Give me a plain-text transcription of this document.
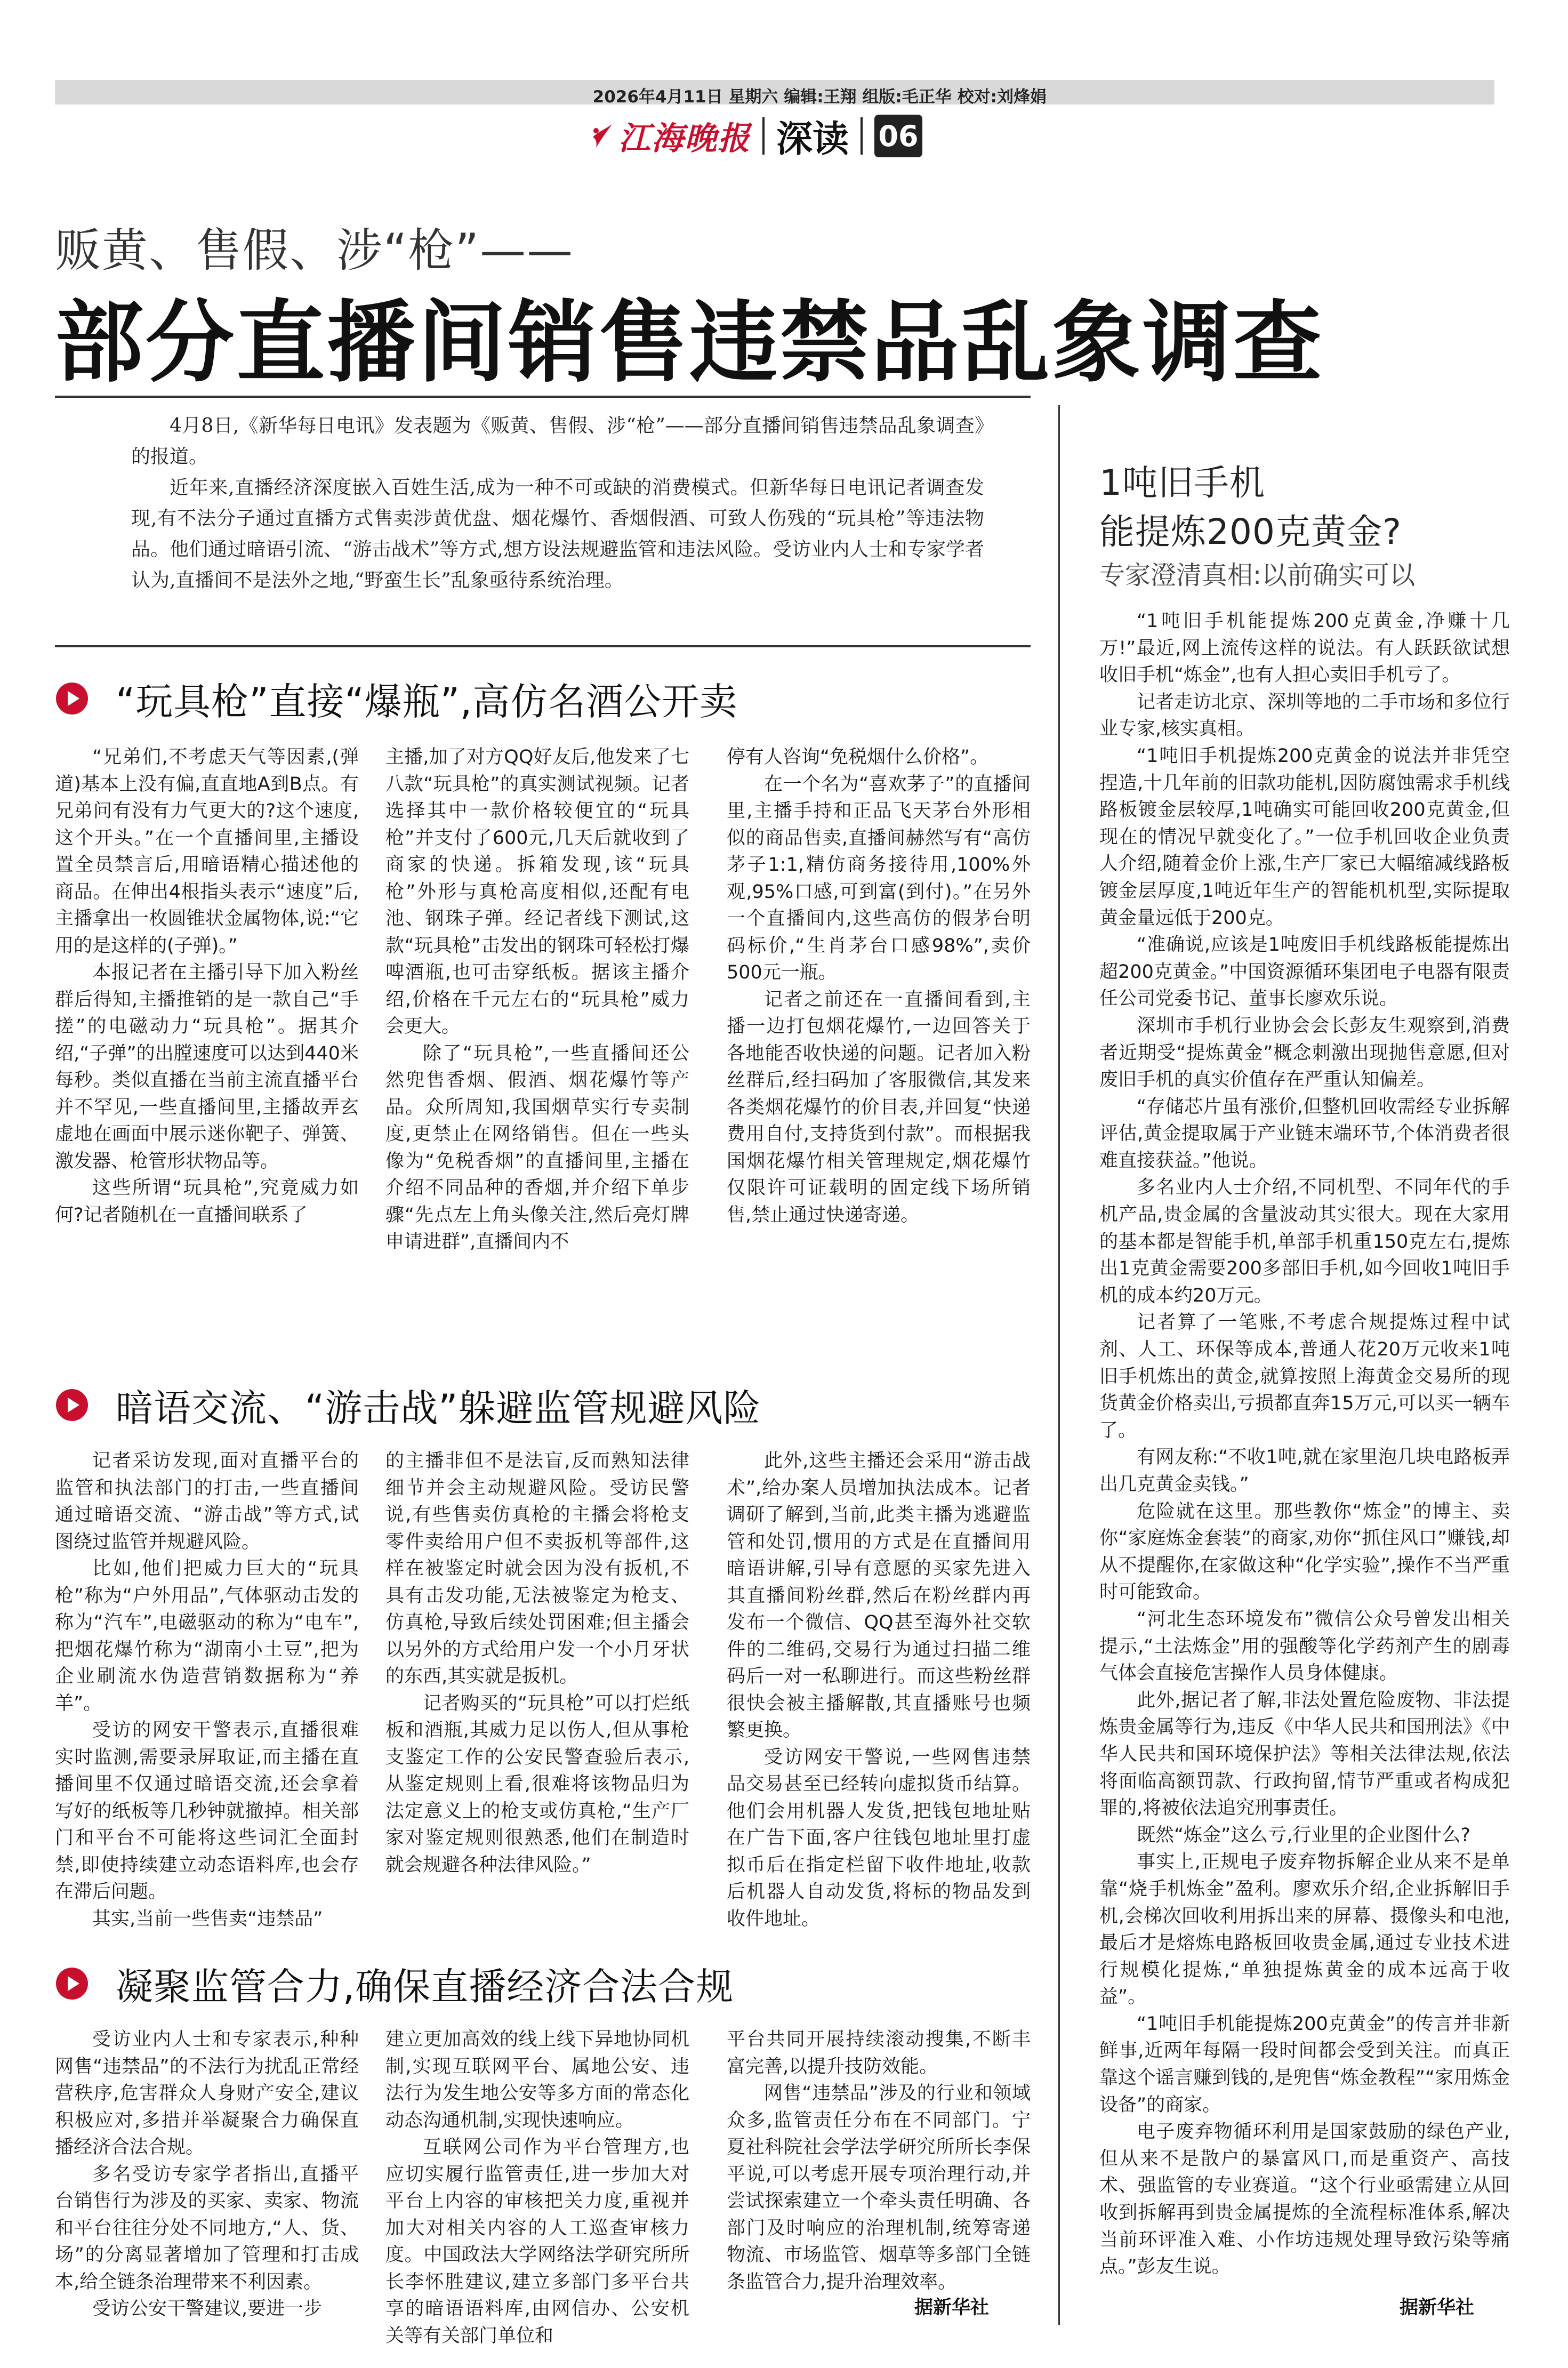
2026年4月11日 星期六 编辑:王翔 组版:毛正华 校对:刘烽娟
江海晚报 深读 06
贩黄、售假、涉“枪”——
部分直播间销售违禁品乱象调查

4月8日,《新华每日电讯》发表题为《贩黄、售假、涉“枪”——部分直播间销售违禁品乱象调查》的报道。

近年来,直播经济深度嵌入百姓生活,成为一种不可或缺的消费模式。但新华每日电讯记者调查发现,有不法分子通过直播方式售卖涉黄优盘、烟花爆竹、香烟假酒、可致人伤残的“玩具枪”等违法物品。他们通过暗语引流、“游击战术”等方式,想方设法规避监管和违法风险。受访业内人士和专家学者认为,直播间不是法外之地,“野蛮生长”乱象亟待系统治理。

“玩具枪”直接“爆瓶”,高仿名酒公开卖

“兄弟们,不考虑天气等因素,(弹道)基本上没有偏,直直地A到B点。有兄弟问有没有力气更大的?这个速度,这个开头。”在一个直播间里,主播设置全员禁言后,用暗语精心描述他的商品。在伸出4根指头表示“速度”后,主播拿出一枚圆锥状金属物体,说:“它用的是这样的(子弹)。”

本报记者在主播引导下加入粉丝群后得知,主播推销的是一款自己“手搓”的电磁动力“玩具枪”。据其介绍,“子弹”的出膛速度可以达到440米每秒。类似直播在当前主流直播平台并不罕见,一些直播间里,主播故弄玄虚地在画面中展示迷你靶子、弹簧、激发器、枪管形状物品等。

这些所谓“玩具枪”,究竟威力如何?记者随机在一直播间联系了

主播,加了对方QQ好友后,他发来了七八款“玩具枪”的真实测试视频。记者选择其中一款价格较便宜的“玩具枪”并支付了600元,几天后就收到了商家的快递。拆箱发现,该“玩具枪”外形与真枪高度相似,还配有电池、钢珠子弹。经记者线下测试,这款“玩具枪”击发出的钢珠可轻松打爆啤酒瓶,也可击穿纸板。据该主播介绍,价格在千元左右的“玩具枪”威力会更大。

除了“玩具枪”,一些直播间还公然兜售香烟、假酒、烟花爆竹等产品。众所周知,我国烟草实行专卖制度,更禁止在网络销售。但在一些头像为“免税香烟”的直播间里,主播在介绍不同品种的香烟,并介绍下单步骤“先点左上角头像关注,然后亮灯牌申请进群”,直播间内不

停有人咨询“免税烟什么价格”。

在一个名为“喜欢茅子”的直播间里,主播手持和正品飞天茅台外形相似的商品售卖,直播间赫然写有“高仿茅子1:1,精仿商务接待用,100%外观,95%口感,可到富(到付)。”在另外一个直播间内,这些高仿的假茅台明码标价,“生肖茅台口感98%”,卖价500元一瓶。

记者之前还在一直播间看到,主播一边打包烟花爆竹,一边回答关于各地能否收快递的问题。记者加入粉丝群后,经扫码加了客服微信,其发来各类烟花爆竹的价目表,并回复“快递费用自付,支持货到付款”。而根据我国烟花爆竹相关管理规定,烟花爆竹仅限许可证载明的固定线下场所销售,禁止通过快递寄递。

暗语交流、“游击战”躲避监管规避风险

记者采访发现,面对直播平台的监管和执法部门的打击,一些直播间通过暗语交流、“游击战”等方式,试图绕过监管并规避风险。

比如,他们把威力巨大的“玩具枪”称为“户外用品”,气体驱动击发的称为“汽车”,电磁驱动的称为“电车”,把烟花爆竹称为“湖南小土豆”,把为企业刷流水伪造营销数据称为“养羊”。

受访的网安干警表示,直播很难实时监测,需要录屏取证,而主播在直播间里不仅通过暗语交流,还会拿着写好的纸板等几秒钟就撤掉。相关部门和平台不可能将这些词汇全面封禁,即使持续建立动态语料库,也会存在滞后问题。

其实,当前一些售卖“违禁品”

的主播非但不是法盲,反而熟知法律细节并会主动规避风险。受访民警说,有些售卖仿真枪的主播会将枪支零件卖给用户但不卖扳机等部件,这样在被鉴定时就会因为没有扳机,不具有击发功能,无法被鉴定为枪支、仿真枪,导致后续处罚困难;但主播会以另外的方式给用户发一个小月牙状的东西,其实就是扳机。

记者购买的“玩具枪”可以打烂纸板和酒瓶,其威力足以伤人,但从事枪支鉴定工作的公安民警查验后表示,从鉴定规则上看,很难将该物品归为法定意义上的枪支或仿真枪,“生产厂家对鉴定规则很熟悉,他们在制造时就会规避各种法律风险。”

此外,这些主播还会采用“游击战术”,给办案人员增加执法成本。记者调研了解到,当前,此类主播为逃避监管和处罚,惯用的方式是在直播间用暗语讲解,引导有意愿的买家先进入其直播间粉丝群,然后在粉丝群内再发布一个微信、QQ甚至海外社交软件的二维码,交易行为通过扫描二维码后一对一私聊进行。而这些粉丝群很快会被主播解散,其直播账号也频繁更换。

受访网安干警说,一些网售违禁品交易甚至已经转向虚拟货币结算。他们会用机器人发货,把钱包地址贴在广告下面,客户往钱包地址里打虚拟币后在指定栏留下收件地址,收款后机器人自动发货,将标的物品发到收件地址。

凝聚监管合力,确保直播经济合法合规

受访业内人士和专家表示,种种网售“违禁品”的不法行为扰乱正常经营秩序,危害群众人身财产安全,建议积极应对,多措并举凝聚合力确保直播经济合法合规。

多名受访专家学者指出,直播平台销售行为涉及的买家、卖家、物流和平台往往分处不同地方,“人、货、场”的分离显著增加了管理和打击成本,给全链条治理带来不利因素。

受访公安干警建议,要进一步

建立更加高效的线上线下异地协同机制,实现互联网平台、属地公安、违法行为发生地公安等多方面的常态化动态沟通机制,实现快速响应。

互联网公司作为平台管理方,也应切实履行监管责任,进一步加大对平台上内容的审核把关力度,重视并加大对相关内容的人工巡查审核力度。中国政法大学网络法学研究所所长李怀胜建议,建立多部门多平台共享的暗语语料库,由网信办、公安机关等有关部门单位和

平台共同开展持续滚动搜集,不断丰富完善,以提升技防效能。

网售“违禁品”涉及的行业和领域众多,监管责任分布在不同部门。宁夏社科院社会学法学研究所所长李保平说,可以考虑开展专项治理行动,并尝试探索建立一个牵头责任明确、各部门及时响应的治理机制,统筹寄递物流、市场监管、烟草等多部门全链条监管合力,提升治理效率。

据新华社
1吨旧手机
能提炼200克黄金?
专家澄清真相:以前确实可以

“1吨旧手机能提炼200克黄金,净赚十几万!”最近,网上流传这样的说法。有人跃跃欲试想收旧手机“炼金”,也有人担心卖旧手机亏了。

记者走访北京、深圳等地的二手市场和多位行业专家,核实真相。

“1吨旧手机提炼200克黄金的说法并非凭空捏造,十几年前的旧款功能机,因防腐蚀需求手机线路板镀金层较厚,1吨确实可能回收200克黄金,但现在的情况早就变化了。”一位手机回收企业负责人介绍,随着金价上涨,生产厂家已大幅缩减线路板镀金层厚度,1吨近年生产的智能机机型,实际提取黄金量远低于200克。

“准确说,应该是1吨废旧手机线路板能提炼出超200克黄金。”中国资源循环集团电子电器有限责任公司党委书记、董事长廖欢乐说。

深圳市手机行业协会会长彭友生观察到,消费者近期受“提炼黄金”概念刺激出现抛售意愿,但对废旧手机的真实价值存在严重认知偏差。

“存储芯片虽有涨价,但整机回收需经专业拆解评估,黄金提取属于产业链末端环节,个体消费者很难直接获益。”他说。

多名业内人士介绍,不同机型、不同年代的手机产品,贵金属的含量波动其实很大。现在大家用的基本都是智能手机,单部手机重150克左右,提炼出1克黄金需要200多部旧手机,如今回收1吨旧手机的成本约20万元。

记者算了一笔账,不考虑合规提炼过程中试剂、人工、环保等成本,普通人花20万元收来1吨旧手机炼出的黄金,就算按照上海黄金交易所的现货黄金价格卖出,亏损都直奔15万元,可以买一辆车了。

有网友称:“不收1吨,就在家里泡几块电路板弄出几克黄金卖钱。”

危险就在这里。那些教你“炼金”的博主、卖你“家庭炼金套装”的商家,劝你“抓住风口”赚钱,却从不提醒你,在家做这种“化学实验”,操作不当严重时可能致命。

“河北生态环境发布”微信公众号曾发出相关提示,“土法炼金”用的强酸等化学药剂产生的剧毒气体会直接危害操作人员身体健康。

此外,据记者了解,非法处置危险废物、非法提炼贵金属等行为,违反《中华人民共和国刑法》《中华人民共和国环境保护法》等相关法律法规,依法将面临高额罚款、行政拘留,情节严重或者构成犯罪的,将被依法追究刑事责任。

既然“炼金”这么亏,行业里的企业图什么?

事实上,正规电子废弃物拆解企业从来不是单靠“烧手机炼金”盈利。廖欢乐介绍,企业拆解旧手机,会梯次回收利用拆出来的屏幕、摄像头和电池,最后才是熔炼电路板回收贵金属,通过专业技术进行规模化提炼,“单独提炼黄金的成本远高于收益”。

“1吨旧手机能提炼200克黄金”的传言并非新鲜事,近两年每隔一段时间都会受到关注。而真正靠这个谣言赚到钱的,是兜售“炼金教程”“家用炼金设备”的商家。

电子废弃物循环利用是国家鼓励的绿色产业,但从来不是散户的暴富风口,而是重资产、高技术、强监管的专业赛道。“这个行业亟需建立从回收到拆解再到贵金属提炼的全流程标准体系,解决当前环评准入难、小作坊违规处理导致污染等痛点。”彭友生说。

据新华社
